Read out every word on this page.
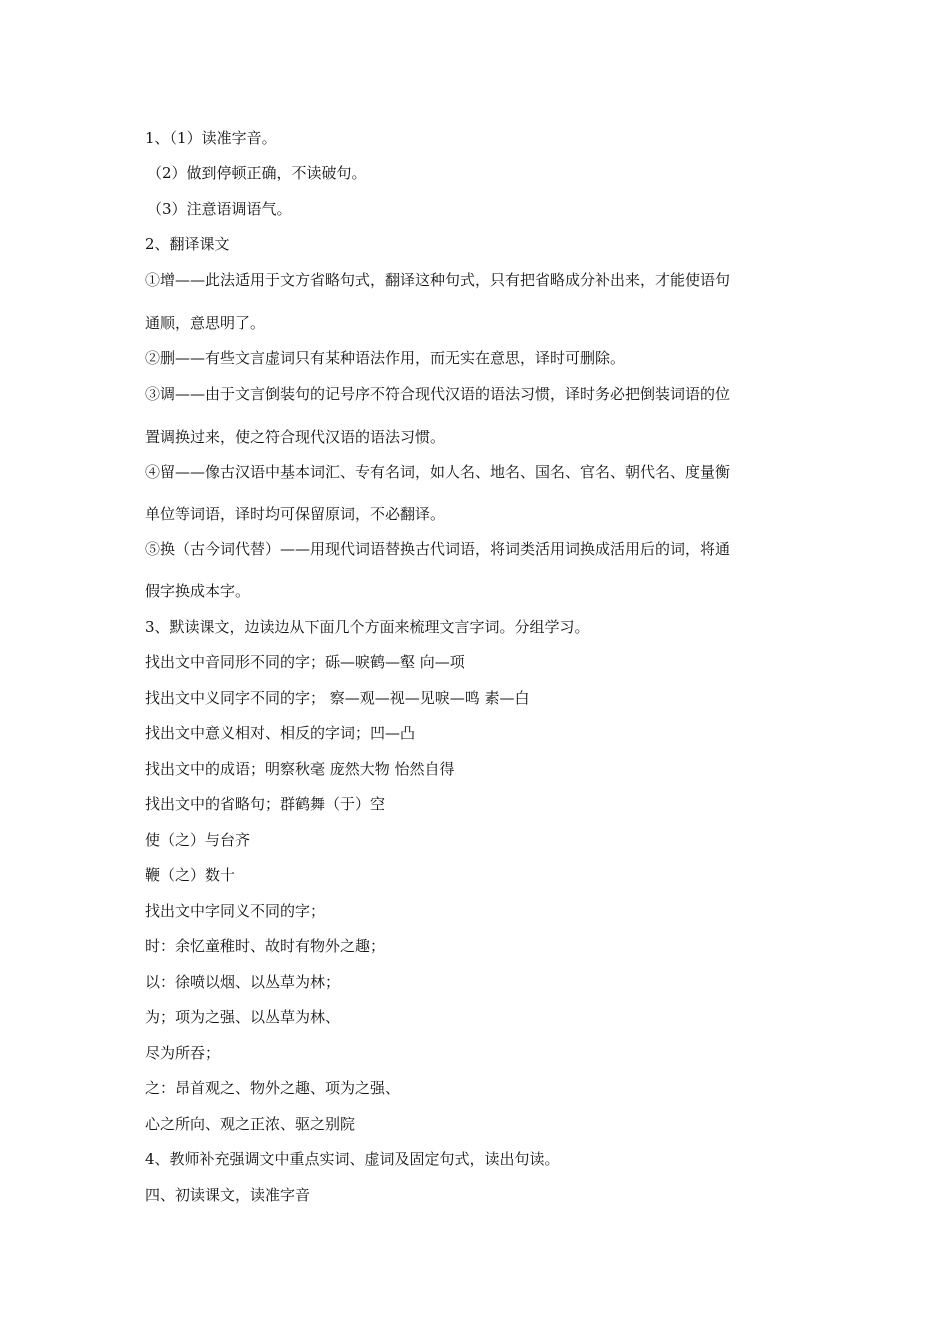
1、（1）读准字音。
（2）做到停顿正确，不读破句。
（3）注意语调语气。
2、翻译课文
①增——此法适用于文方省略句式，翻译这种句式，只有把省略成分补出来，才能使语句
通顺，意思明了。
②删——有些文言虚词只有某种语法作用，而无实在意思，译时可删除。
③调——由于文言倒装句的记号序不符合现代汉语的语法习惯，译时务必把倒装词语的位
置调换过来，使之符合现代汉语的语法习惯。
④留——像古汉语中基本词汇、专有名词，如人名、地名、国名、官名、朝代名、度量衡
单位等词语，译时均可保留原词，不必翻译。
⑤换（古今词代替）——用现代词语替换古代词语，将词类活用词换成活用后的词，将通
假字换成本字。
3、默读课文，边读边从下面几个方面来梳理文言字词。分组学习。
找出文中音同形不同的字；砾—唳鹤—壑 向—项
找出文中义同字不同的字； 察—观—视—见唳—鸣 素—白
找出文中意义相对、相反的字词；凹—凸
找出文中的成语；明察秋毫 庞然大物 怡然自得
找出文中的省略句；群鹤舞（于）空
使（之）与台齐
鞭（之）数十
找出文中字同义不同的字；
时：余忆童稚时、故时有物外之趣；
以：徐喷以烟、以丛草为林；
为；项为之强、以丛草为林、
尽为所吞；
之：昂首观之、物外之趣、项为之强、
心之所向、观之正浓、驱之别院
4、教师补充强调文中重点实词、虚词及固定句式，读出句读。
四、初读课文，读准字音
